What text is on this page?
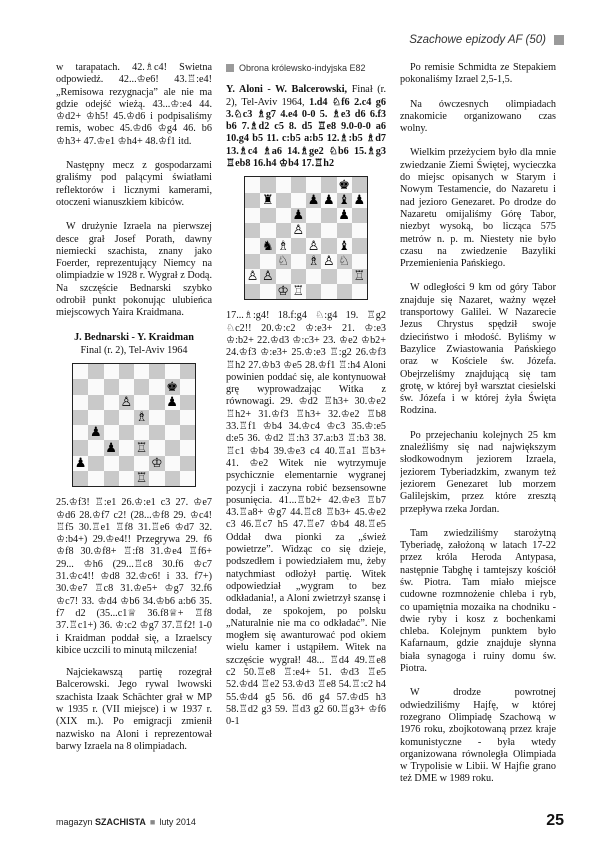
Szachowe epizody AF (50)

w tarapatach. 42.♗c4! Świetna odpowiedź. 42...♔e6! 43.♖:e4! „Remisowa rezygnacja” ale nie ma gdzie odejść wieżą. 43...♔:e4 44. ♔d2+ ♔h5! 45.♔d6 i podpisaliśmy remis, wobec 45.♔d6 ♔g4 46. b6 ♔h3+ 47.♔e1 ♔h4+ 48.♔f1 itd.

Następny mecz z gospodarzami graliśmy pod palącymi światłami reflektorów i licznymi kamerami, otoczeni wianuszkiem kibiców.

W drużynie Izraela na pierwszej desce grał Josef Porath, dawny niemiecki szachista, znany jako Foerder, reprezentujący Niemcy na olimpiadzie w 1928 r. Wygrał z Dodą. Na szczęście Bednarski szybko odrobił punkt pokonując ulubieńca miejscowych Yaira Kraidmana.

J. Bednarski - Y. Kraidman
Final (r. 2), Tel-Aviv 1964
♚
♙	♟
♗
♟
♟ ♖
♟	♔
♖

25.♔f3! ♖:e1 26.♔:e1 c3 27. ♔e7 ♔d6 28.♔f7 c2! (28...♔f8 29. ♔c4! ♖f5 30.♖e1 ♖f8 31.♖e6 ♔d7 32. ♔:b4+) 29.♔e4!! Przegrywa 29. f6 ♔f8 30.♔f8+ ♖:f8 31.♔e4 ♖f6+ 29... ♔h6 (29...♖c8 30.f6 ♔c7 31.♔c4!! ♔d8 32.♔c6! i 33. f7+) 30.♔e7 ♖c8 31.♔e5+ ♔g7 32.f6 ♔c7! 33. ♔d4 ♔b6 34.♔b6 a:b6 35. f7 d2 (35...c1♕ 36.f8♕+ ♖f8 37.♖c1+) 36. ♔:c2 ♔g7 37.♖f2! 1-0 i Kraidman poddał się, a Izraelscy kibice uczcili to minutą milczenia!

Najciekawszą partię rozegrał Balcerowski. Jego rywal lwowski szachista Izaak Schächter grał w MP w 1935 r. (VII miejsce) i w 1937 r. (XIX m.). Po emigracji zmienił nazwisko na Aloni i reprezentował barwy Izraela na 8 olimpiadach.

Obrona królewsko-indyjska E82

Y. Aloni - W. Balcerowski, Finał (r. 2), Tel-Aviv 1964, 1.d4 ♘f6 2.c4 g6 3.♘c3 ♗g7 4.e4 0-0 5. ♗e3 d6 6.f3 b6 7.♗d2 c5 8. d5 ♖e8 9.0-0-0 a6 10.g4 b5 11. c:b5 a:b5 12.♗:b5 ♗d7 13.♗c4 ♗a6 14.♗ge2 ♘b6 15.♗g3 ♖eb8 16.h4 ♔b4 17.♖h2

♚
♜	♟ ♟ ♝ ♟
♟	♟
♙
♞ ♗ ♙ ♝
♘ ♗ ♙ ♘
♙ ♙	♖
♔ ♖

17...♗:g4! 18.f:g4 ♘:g4 19. ♖g2 ♘c2!! 20.♔:c2 ♔:e3+ 21. ♔:e3 ♔:b2+ 22.♔d3 ♔:c3+ 23. ♔e2 ♔b2+ 24.♔f3 ♔:e3+ 25.♔:e3 ♖:g2 26.♔f3 ♖h2 27.♔b3 ♔e5 28.♔f1 ♖:h4 Aloni powinien poddać się, ale kontynuował grę wyprowadzając Witka z równowagi. 29. ♔d2 ♖h3+ 30.♔e2 ♖h2+ 31.♔f3 ♖h3+ 32.♔e2 ♖b8 33.♖f1 ♔b4 34.♔c4 ♔c3 35.♔:e5 d:e5 36. ♔d2 ♖:h3 37.a:b3 ♖:b3 38. ♖c1 ♔b4 39.♔e3 c4 40.♖a1 ♖b3+ 41. ♔e2 Witek nie wytrzymuje psychicznie elementarnie wygranej pozycji i zaczyna robić bezsensowne posunięcia. 41...♖b2+ 42.♔e3 ♖b7 43.♖a8+ ♔g7 44.♖c8 ♖b3+ 45.♔e2 c3 46.♖c7 h5 47.♖e7 ♔b4 48.♖e5 Oddał dwa pionki za „śwież powietrze”. Widząc co się dzieje, podszedłem i powiedziałem mu, żeby natychmiast odłożył partię. Witek odpowiedział „wygram to bez odkładania!, a Aloni zwietrzył szansę i dodał, ze spokojem, po polsku „Naturalnie nie ma co odkładać”. Nie mogłem się awanturować pod okiem wielu kamer i ustąpiłem. Witek na szczęście wygrał! 48... ♖d4 49.♖e8 c2 50.♖e8 ♖:e4+ 51. ♔d3 ♖e5 52.♔d4 ♖e2 53.♔d3 ♖e8 54.♖:c2 h4 55.♔d4 g5 56. d6 g4 57.♔d5 h3 58.♖d2 g3 59. ♖d3 g2 60.♖g3+ ♔f6 0-1

Po remisie Schmidta ze Stepakiem pokonaliśmy Izrael 2,5-1,5.

Na ówczesnych olimpiadach znakomicie organizowano czas wolny.

Wielkim przeżyciem było dla mnie zwiedzanie Ziemi Świętej, wycieczka do miejsc opisanych w Starym i Nowym Testamencie, do Nazaretu i nad jezioro Genezaret. Po drodze do Nazaretu omijaliśmy Górę Tabor, niezbyt wysoką, bo licząca 575 metrów n. p. m. Niestety nie było czasu na zwiedzenie Bazyliki Przemienienia Pańskiego.

W odległości 9 km od góry Tabor znajduje się Nazaret, ważny węzeł transportowy Galilei. W Nazarecie Jezus Chrystus spędził swoje dzieciństwo i młodość. Byliśmy w Bazylice Zwiastowania Pańskiego oraz w Kościele św. Józefa. Obejrzeliśmy znajdującą się tam grotę, w której był warsztat ciesielski św. Józefa i w której żyła Święta Rodzina.

Po przejechaniu kolejnych 25 km znaleźliśmy się nad największym słodkowodnym jeziorem Izraela, jeziorem Tyberiadzkim, zwanym też jeziorem Genezaret lub morzem Galilejskim, przez które zresztą przepływa rzeka Jordan.

Tam zwiedziliśmy starożytną Tyberiadę, założoną w latach 17-22 przez króla Heroda Antypasa, następnie Tabghę i tamtejszy kościół św. Piotra. Tam miało miejsce cudowne rozmnożenie chleba i ryb, co upamiętnia mozaika na chodniku - dwie ryby i kosz z bochenkami chleba. Kolejnym punktem było Kafarnaum, gdzie znajduje słynna biała synagoga i ruiny domu św. Piotra.

W drodze powrotnej odwiedziliśmy Hajfę, w której rozegrano Olimpiadę Szachową w 1976 roku, zbojkotowaną przez kraje komunistyczne - była wtedy organizowana równoległa Olimpiada w Trypolisie w Libii. W Hajfie grano też DME w 1989 roku.

magazyn SZACHISTA ■ luty 2014	25
